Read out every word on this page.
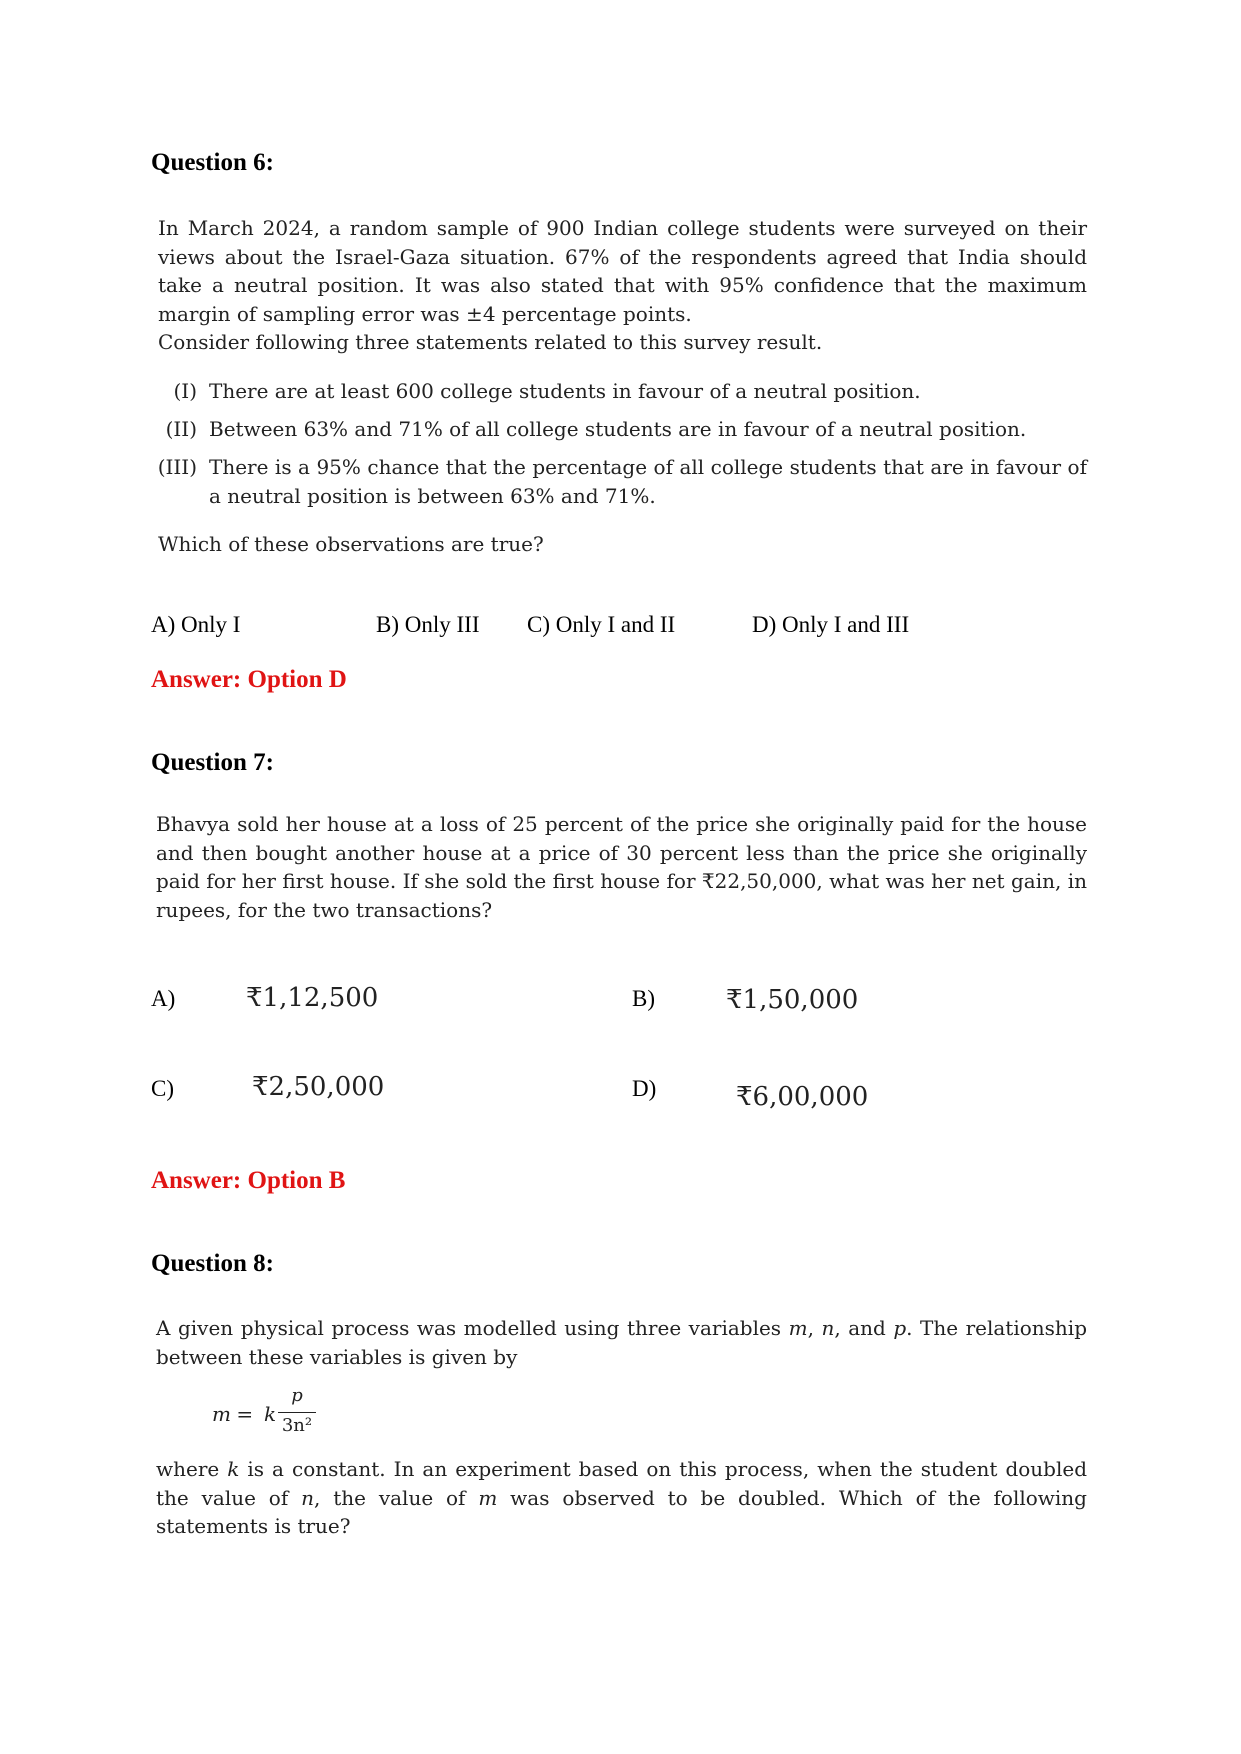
Question 6:

In March 2024, a random sample of 900 Indian college students were surveyed on their views about the Israel-Gaza situation. 67% of the respondents agreed that India should take a neutral position. It was also stated that with 95% confidence that the maximum margin of sampling error was ±4 percentage points.

Consider following three statements related to this survey result.

(I) There are at least 600 college students in favour of a neutral position.
(II) Between 63% and 71% of all college students are in favour of a neutral position.
(III) There is a 95% chance that the percentage of all college students that are in favour of a neutral position is between 63% and 71%.

Which of these observations are true?

A) Only I	B) Only III C) Only I and II	D) Only I and III
Answer: Option D
Question 7:

Bhavya sold her house at a loss of 25 percent of the price she originally paid for the house and then bought another house at a price of 30 percent less than the price she originally paid for her first house. If she sold the first house for ₹22,50,000, what was her net gain, in rupees, for the two transactions?

A)	₹1,12,500	B)	₹1,50,000
C)	₹2,50,000	D)	₹6,00,000
Answer: Option B
Question 8:

A given physical process was modelled using three variables m, n, and p. The relationship between these variables is given by

m = k
p
3n²

where k is a constant. In an experiment based on this process, when the student doubled the value of n, the value of m was observed to be doubled. Which of the following statements is true?
